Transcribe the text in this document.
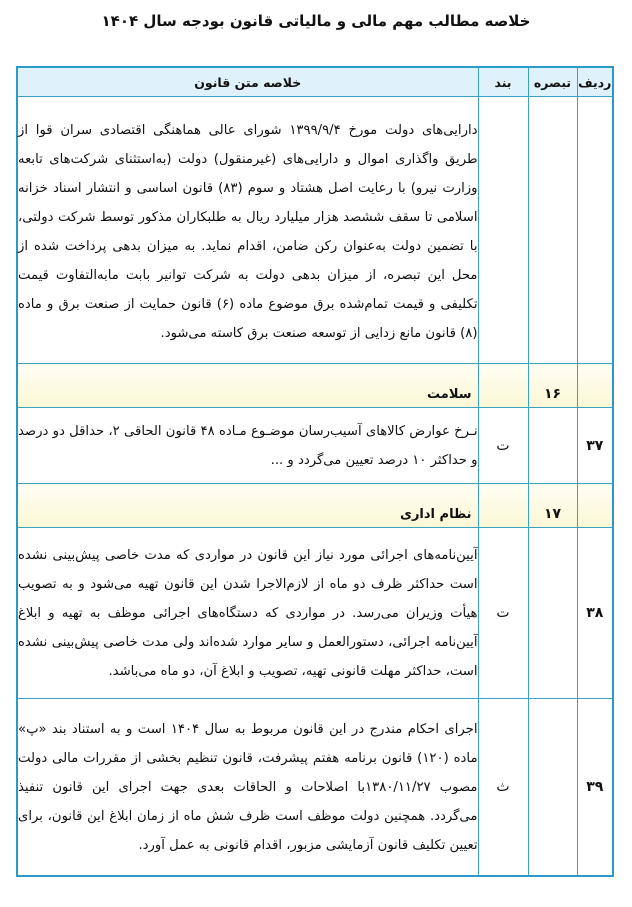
خلاصه مطالب مهم مالی و مالیاتی قانون بودجه سال ۱۴۰۴
ردیف	تبصره	بند	خلاصه متن قانون
			دارایی‌های دولت مورخ ۱۳۹۹/۹/۴ شورای عالی هماهنگی اقتصادی سران قوا از طریق واگذاری اموال و دارایی‌های (غیرمنقول) دولت (به‌استثنای شرکت‌های تابعه وزارت نیرو) با رعایت اصل هشتاد و سوم (۸۳) قانون اساسی و انتشار اسناد خزانه اسلامی تا سقف ششصد هزار میلیارد ریال به طلبکاران مذکور توسط شرکت دولتی، با تضمین دولت به‌عنوان رکن ضامن، اقدام نماید. به میزان بدهی پرداخت شده از محل این تبصره، از میزان بدهی دولت به شرکت توانیر بابت مابه‌التفاوت قیمت تکلیفی و قیمت تمام‌شده برق موضوع ماده (۶) قانون حمایت از صنعت برق و ماده (۸) قانون مانع زدایی از توسعه صنعت برق کاسته می‌شود.
	۱۶		سلامت
۳۷		ت	نـرخ عوارض کالاهای آسیب‌رسان موضـوع مـاده ۴۸ قانون الحاقی ۲، حداقل دو درصد و حداکثر ۱۰ درصد تعیین می‌گردد و ...
	۱۷		نظام اداری
۳۸		ت	آیین‌نامه‌های اجرائی مورد نیاز این قانون در مواردی که مدت خاصی پیش‌بینی نشده است حداکثر ظرف دو ماه از لازم‌الاجرا شدن این قانون تهیه می‌شود و به تصویب هیأت وزیران می‌رسد. در مواردی که دستگاه‌های اجرائی موظف به تهیه و ابلاغ آیین‌نامه اجرائی، دستورالعمل و سایر موارد شده‌اند ولی مدت خاصی پیش‌بینی نشده است، حداکثر مهلت قانونی تهیه، تصویب و ابلاغ آن، دو ماه می‌باشد.
۳۹		ث	اجرای احکام مندرج در این قانون مربوط به سال ۱۴۰۴ است و به استناد بند «پ» ماده (۱۲۰) قانون برنامه هفتم پیشرفت، قانون تنظیم بخشی از مقررات مالی دولت مصوب ۱۳۸۰/۱۱/۲۷با اصلاحات و الحاقات بعدی جهت اجرای این قانون تنفیذ می‌گردد. همچنین دولت موظف است ظرف شش ماه از زمان ابلاغ این قانون، برای تعیین تکلیف قانون آزمایشی مزبور، اقدام قانونی به عمل آورد.
